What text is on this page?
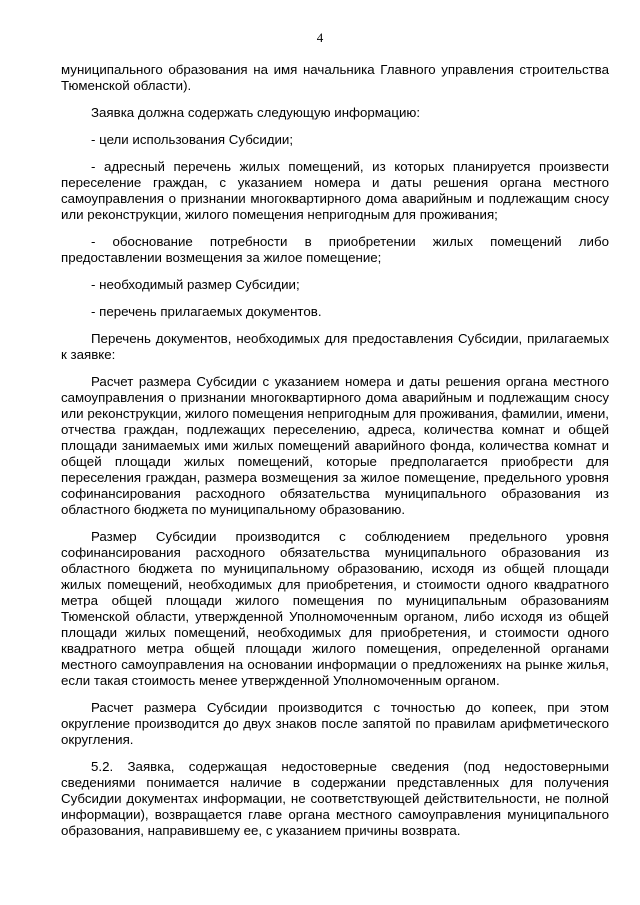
4

муниципального образования на имя начальника Главного управления строительства Тюменской области).

Заявка должна содержать следующую информацию:

- цели использования Субсидии;

- адресный перечень жилых помещений, из которых планируется произвести переселение граждан, с указанием номера и даты решения органа местного самоуправления о признании многоквартирного дома аварийным и подлежащим сносу или реконструкции, жилого помещения непригодным для проживания;

- обоснование потребности в приобретении жилых помещений либо предоставлении возмещения за жилое помещение;

- необходимый размер Субсидии;

- перечень прилагаемых документов.

Перечень документов, необходимых для предоставления Субсидии, прилагаемых к заявке:

Расчет размера Субсидии с указанием номера и даты решения органа местного самоуправления о признании многоквартирного дома аварийным и подлежащим сносу или реконструкции, жилого помещения непригодным для проживания, фамилии, имени, отчества граждан, подлежащих переселению, адреса, количества комнат и общей площади занимаемых ими жилых помещений аварийного фонда, количества комнат и общей площади жилых помещений, которые предполагается приобрести для переселения граждан, размера возмещения за жилое помещение, предельного уровня софинансирования расходного обязательства муниципального образования из областного бюджета по муниципальному образованию.

Размер Субсидии производится с соблюдением предельного уровня софинансирования расходного обязательства муниципального образования из областного бюджета по муниципальному образованию, исходя из общей площади жилых помещений, необходимых для приобретения, и стоимости одного квадратного метра общей площади жилого помещения по муниципальным образованиям Тюменской области, утвержденной Уполномоченным органом, либо исходя из общей площади жилых помещений, необходимых для приобретения, и стоимости одного квадратного метра общей площади жилого помещения, определенной органами местного самоуправления на основании информации о предложениях на рынке жилья, если такая стоимость менее утвержденной Уполномоченным органом.

Расчет размера Субсидии производится с точностью до копеек, при этом округление производится до двух знаков после запятой по правилам арифметического округления.

5.2. Заявка, содержащая недостоверные сведения (под недостоверными сведениями понимается наличие в содержании представленных для получения Субсидии документах информации, не соответствующей действительности, не полной информации), возвращается главе органа местного самоуправления муниципального образования, направившему ее, с указанием причины возврата.
